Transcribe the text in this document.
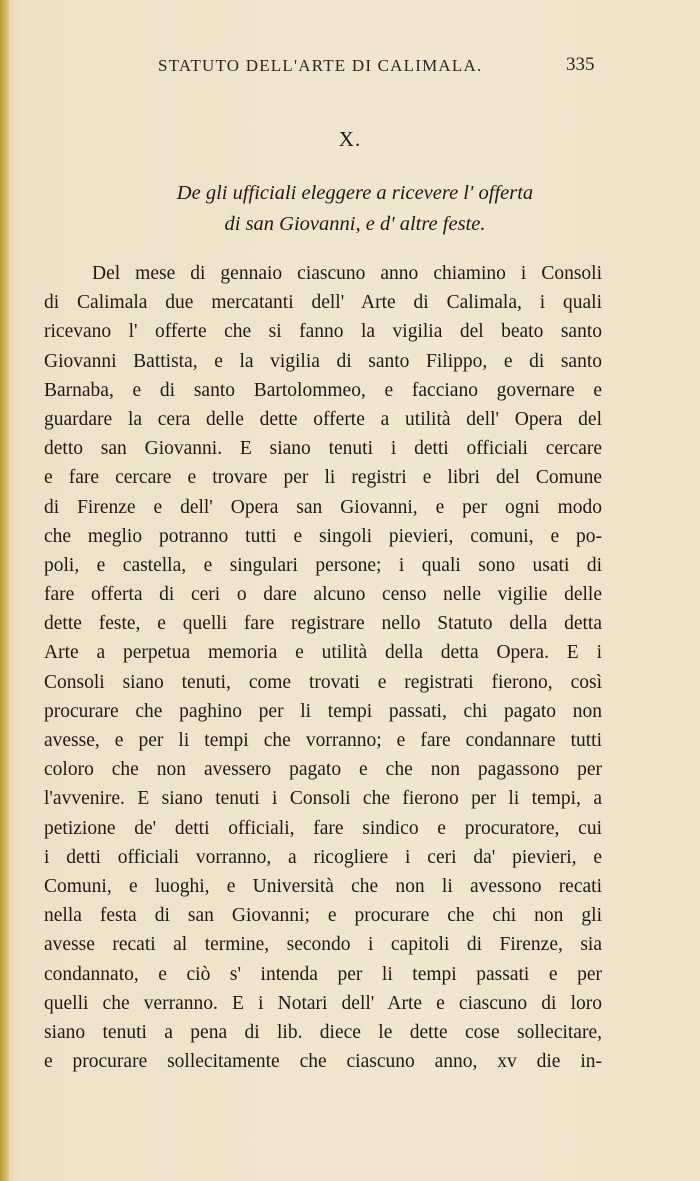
STATUTO DELL'ARTE DI CALIMALA.	335
X.
De gli ufficiali eleggere a ricevere l' offerta
di san Giovanni, e d' altre feste.
Del mese di gennaio ciascuno anno chiamino i Consoli
di Calimala due mercatanti dell' Arte di Calimala, i quali
ricevano l' offerte che si fanno la vigilia del beato santo
Giovanni Battista, e la vigilia di santo Filippo, e di santo
Barnaba, e di santo Bartolommeo, e facciano governare e
guardare la cera delle dette offerte a utilità dell' Opera del
detto san Giovanni. E siano tenuti i detti officiali cercare
e fare cercare e trovare per li registri e libri del Comune
di Firenze e dell' Opera san Giovanni, e per ogni modo
che meglio potranno tutti e singoli pievieri, comuni, e po-
poli, e castella, e singulari persone; i quali sono usati di
fare offerta di ceri o dare alcuno censo nelle vigilie delle
dette feste, e quelli fare registrare nello Statuto della detta
Arte a perpetua memoria e utilità della detta Opera. E i
Consoli siano tenuti, come trovati e registrati fierono, così
procurare che paghino per li tempi passati, chi pagato non
avesse, e per li tempi che vorranno; e fare condannare tutti
coloro che non avessero pagato e che non pagassono per
l'avvenire. E siano tenuti i Consoli che fierono per li tempi, a
petizione de' detti officiali, fare sindico e procuratore, cui
i detti officiali vorranno, a ricogliere i ceri da' pievieri, e
Comuni, e luoghi, e Università che non li avessono recati
nella festa di san Giovanni; e procurare che chi non gli
avesse recati al termine, secondo i capitoli di Firenze, sia
condannato, e ciò s' intenda per li tempi passati e per
quelli che verranno. E i Notari dell' Arte e ciascuno di loro
siano tenuti a pena di lib. diece le dette cose sollecitare,
e procurare sollecitamente che ciascuno anno, xv die in-
